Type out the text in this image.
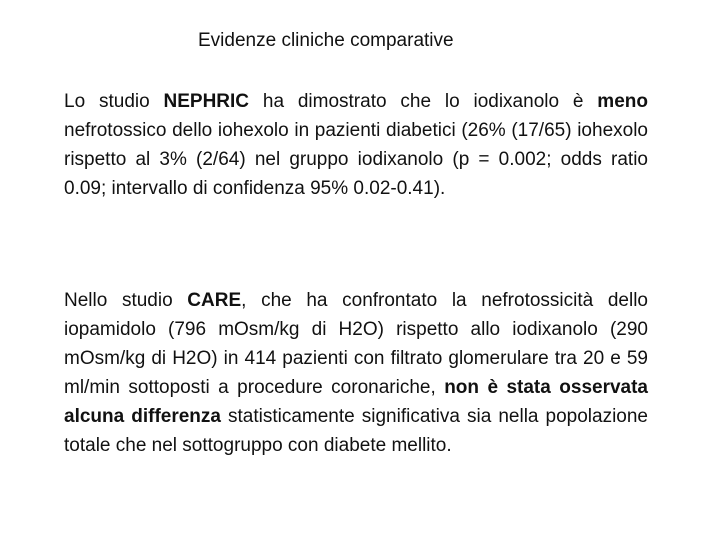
Evidenze cliniche comparative

Lo studio NEPHRIC ha dimostrato che lo iodixanolo è meno nefrotossico dello iohexolo in pazienti diabetici (26% (17/65) iohexolo rispetto al 3% (2/64) nel gruppo iodixanolo (p = 0.002; odds ratio 0.09; intervallo di confidenza 95% 0.02-0.41).

Nello studio CARE, che ha confrontato la nefrotossicità dello iopamidolo (796 mOsm/kg di H2O) rispetto allo iodixanolo (290 mOsm/kg di H2O) in 414 pazienti con filtrato glomerulare tra 20 e 59 ml/min sottoposti a procedure coronariche, non è stata osservata alcuna differenza statisticamente significativa sia nella popolazione totale che nel sottogruppo con diabete mellito.
